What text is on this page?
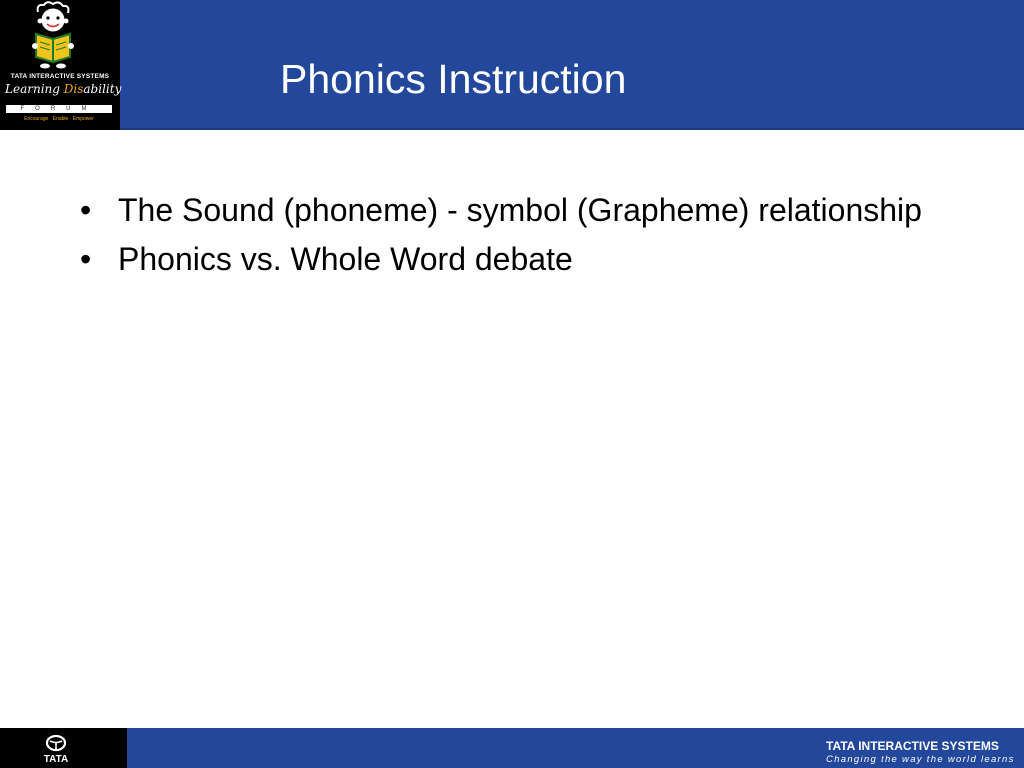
TATA INTERACTIVE SYSTEMS
Learning Disability
FORUM
Encourage · Enable · Empower
Phonics Instruction
• The Sound (phoneme) - symbol (Grapheme) relationship
• Phonics vs. Whole Word debate
TATA
TATA INTERACTIVE SYSTEMS
Changing the way the world learns
